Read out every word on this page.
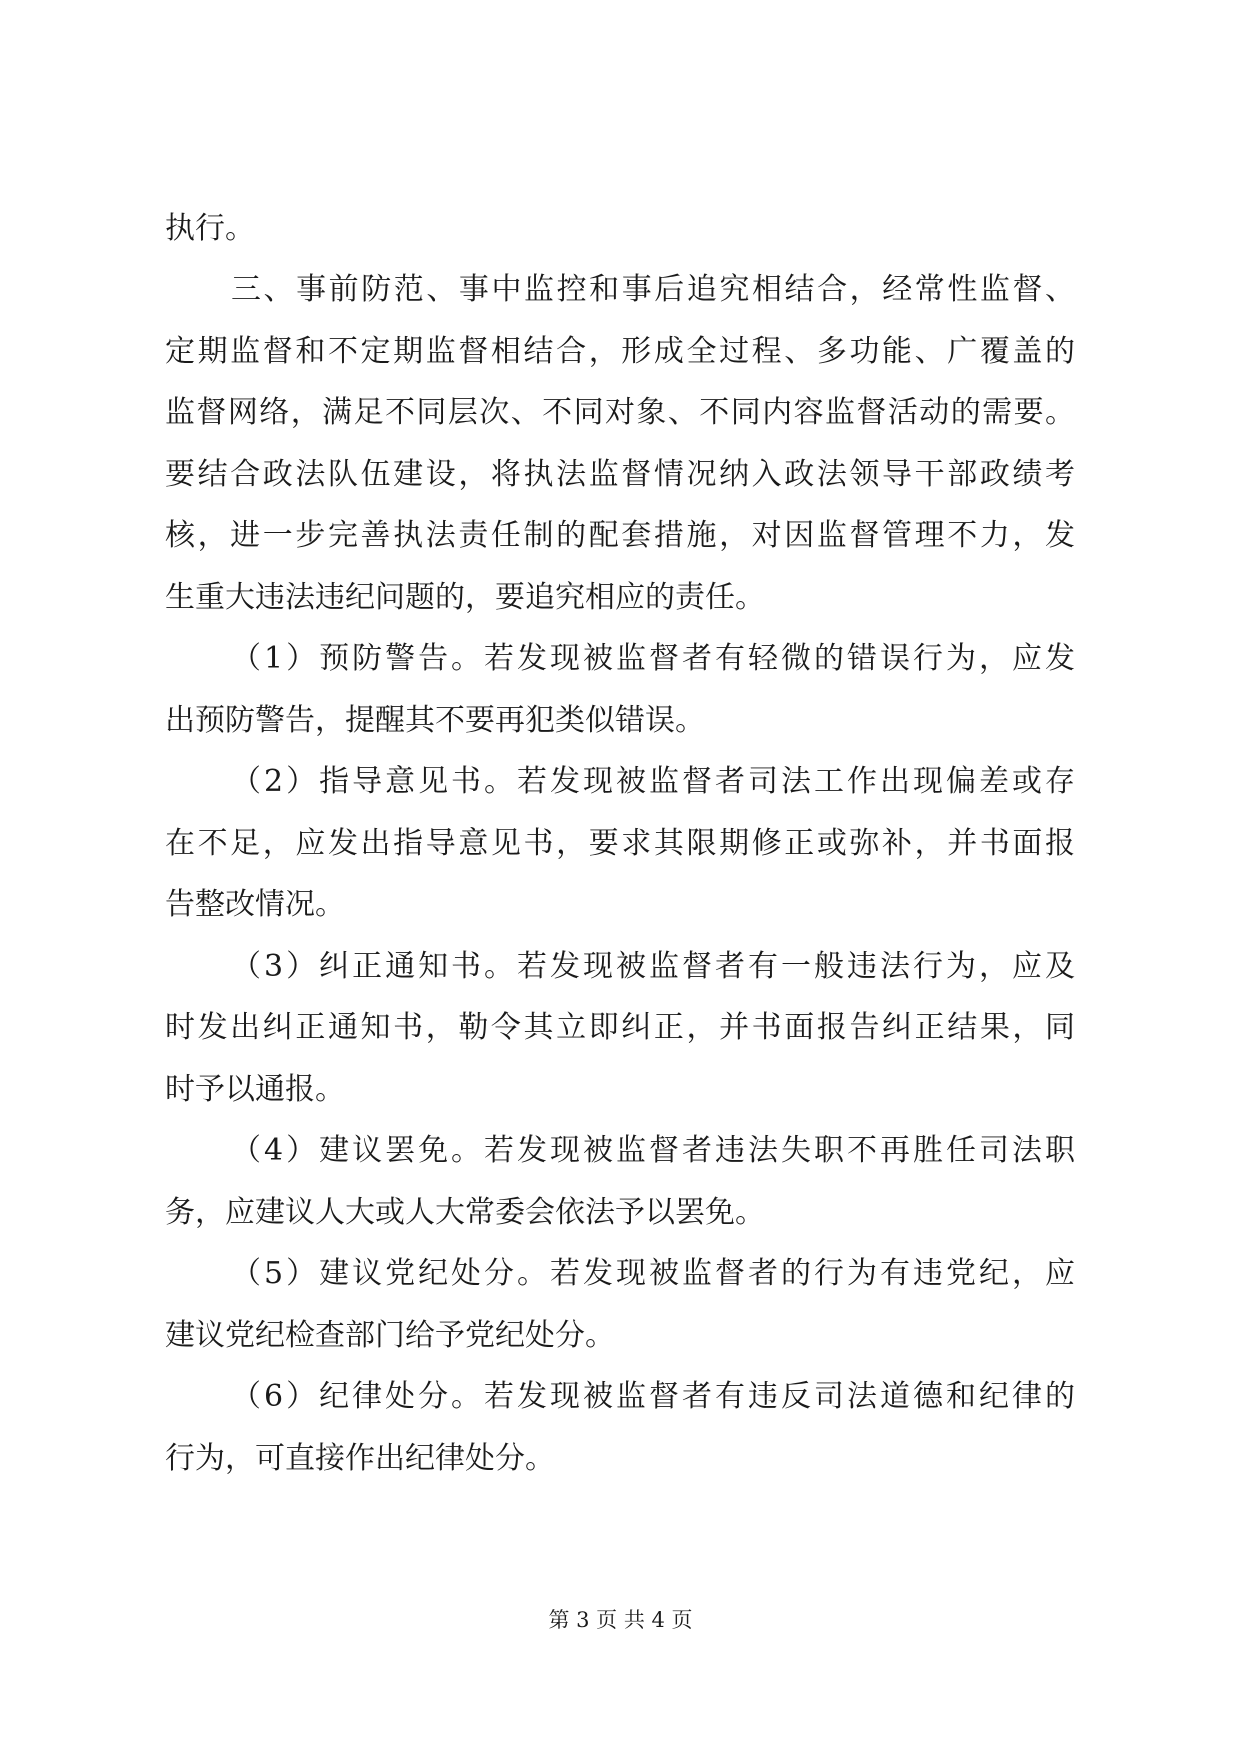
执行。
三、事前防范、事中监控和事后追究相结合，经常性监督、
定期监督和不定期监督相结合，形成全过程、多功能、广覆盖的
监督网络，满足不同层次、不同对象、不同内容监督活动的需要。
要结合政法队伍建设，将执法监督情况纳入政法领导干部政绩考
核，进一步完善执法责任制的配套措施，对因监督管理不力，发
生重大违法违纪问题的，要追究相应的责任。
（1）预防警告。若发现被监督者有轻微的错误行为，应发
出预防警告，提醒其不要再犯类似错误。
（2）指导意见书。若发现被监督者司法工作出现偏差或存
在不足，应发出指导意见书，要求其限期修正或弥补，并书面报
告整改情况。
（3）纠正通知书。若发现被监督者有一般违法行为，应及
时发出纠正通知书，勒令其立即纠正，并书面报告纠正结果，同
时予以通报。
（4）建议罢免。若发现被监督者违法失职不再胜任司法职
务，应建议人大或人大常委会依法予以罢免。
（5）建议党纪处分。若发现被监督者的行为有违党纪，应
建议党纪检查部门给予党纪处分。
（6）纪律处分。若发现被监督者有违反司法道德和纪律的
行为，可直接作出纪律处分。
第 3 页 共 4 页
